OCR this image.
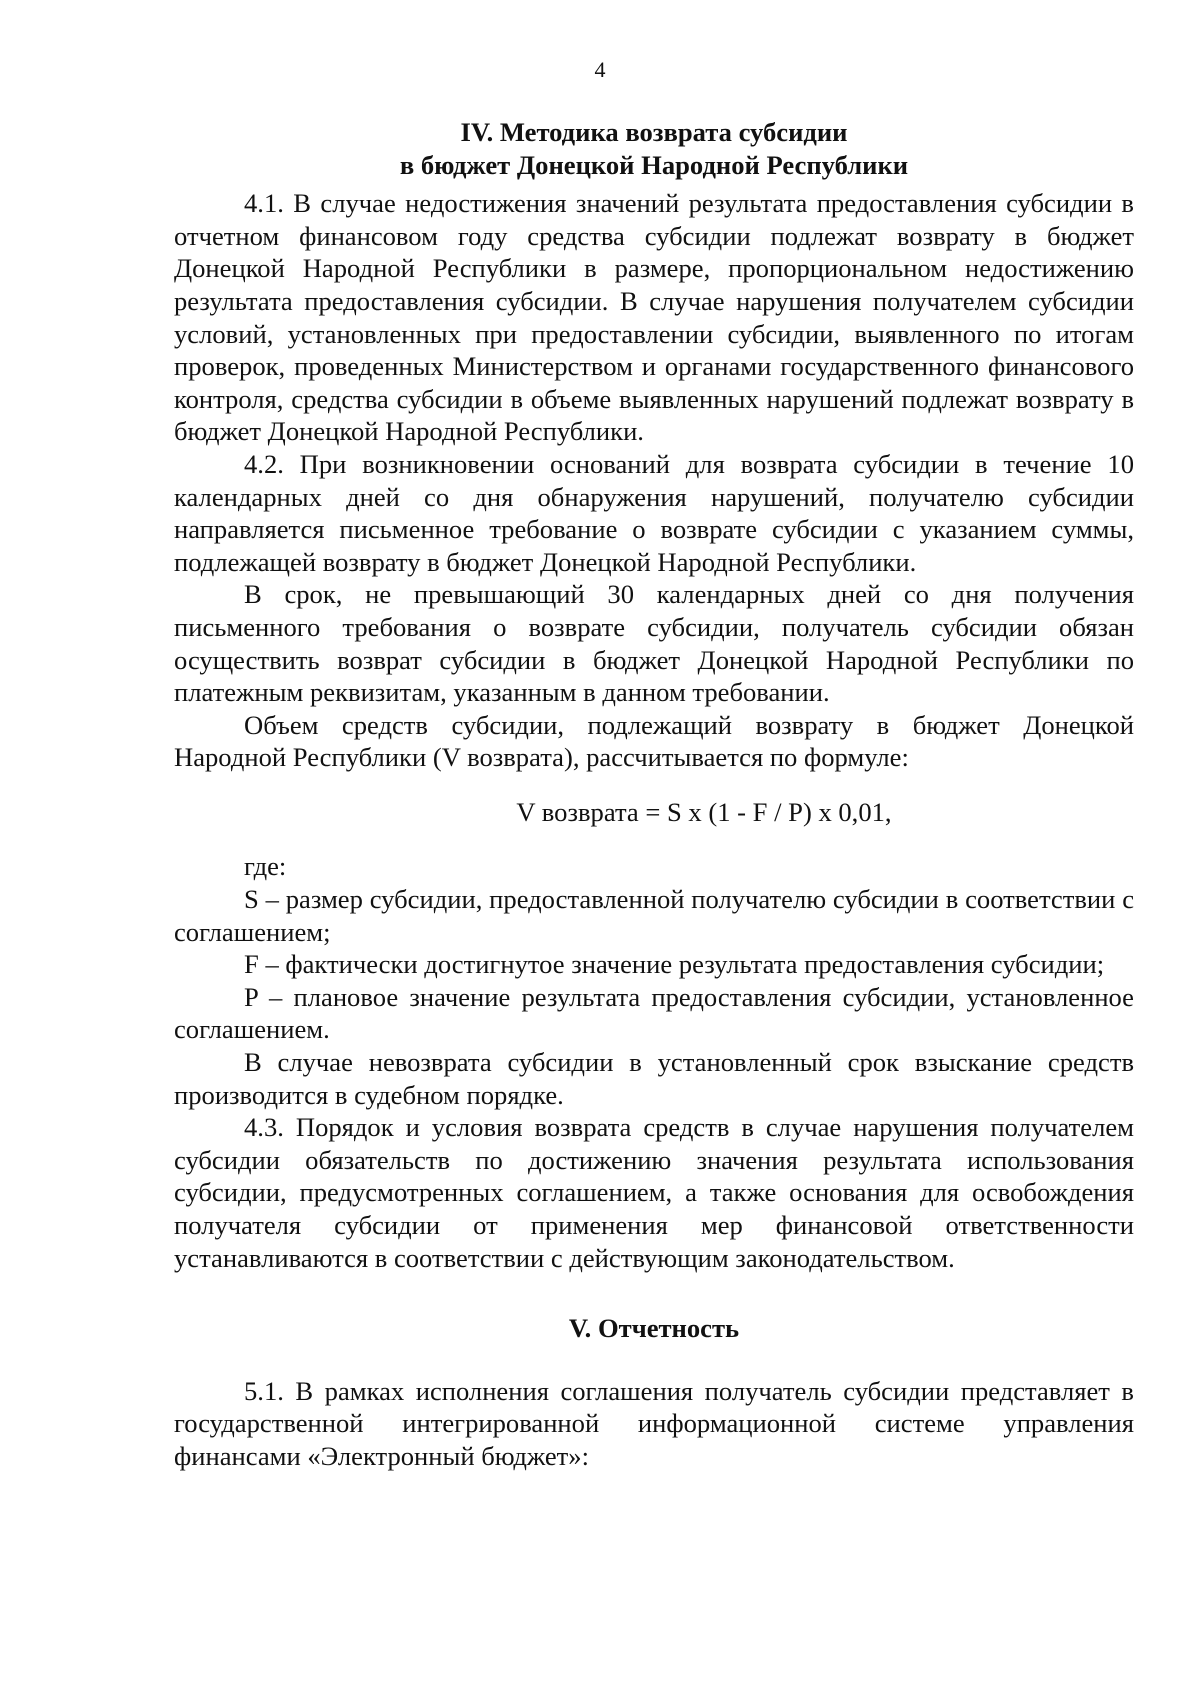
4
IV. Методика возврата субсидии
в бюджет Донецкой Народной Республики

4.1. В случае недостижения значений результата предоставления субсидии в отчетном финансовом году средства субсидии подлежат возврату в бюджет Донецкой Народной Республики в размере, пропорциональном недостижению результата предоставления субсидии. В случае нарушения получателем субсидии условий, установленных при предоставлении субсидии, выявленного по итогам проверок, проведенных Министерством и органами государственного финансового контроля, средства субсидии в объеме выявленных нарушений подлежат возврату в бюджет Донецкой Народной Республики.

4.2. При возникновении оснований для возврата субсидии в течение 10 календарных дней со дня обнаружения нарушений, получателю субсидии направляется письменное требование о возврате субсидии с указанием суммы, подлежащей возврату в бюджет Донецкой Народной Республики.

В срок, не превышающий 30 календарных дней со дня получения письменного требования о возврате субсидии, получатель субсидии обязан осуществить возврат субсидии в бюджет Донецкой Народной Республики по платежным реквизитам, указанным в данном требовании.

Объем средств субсидии, подлежащий возврату в бюджет Донецкой Народной Республики (V возврата), рассчитывается по формуле:

V возврата = S x (1 - F / P) x 0,01,

где:

S – размер субсидии, предоставленной получателю субсидии в соответствии с соглашением;

F – фактически достигнутое значение результата предоставления субсидии;

P – плановое значение результата предоставления субсидии, установленное соглашением.

В случае невозврата субсидии в установленный срок взыскание средств производится в судебном порядке.

4.3. Порядок и условия возврата средств в случае нарушения получателем субсидии обязательств по достижению значения результата использования субсидии, предусмотренных соглашением, а также основания для освобождения получателя субсидии от применения мер финансовой ответственности устанавливаются в соответствии с действующим законодательством.

V. Отчетность

5.1. В рамках исполнения соглашения получатель субсидии представляет в государственной интегрированной информационной системе управления финансами «Электронный бюджет»:
